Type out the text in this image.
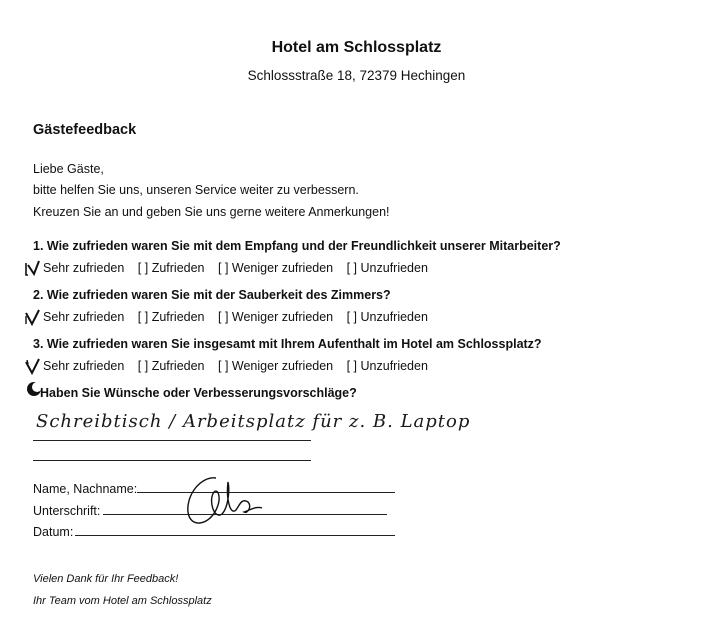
Hotel am Schlossplatz
Schlossstraße 18, 72379 Hechingen
Gästefeedback
Liebe Gäste,
bitte helfen Sie uns, unseren Service weiter zu verbessern.
Kreuzen Sie an und geben Sie uns gerne weitere Anmerkungen!
1. Wie zufrieden waren Sie mit dem Empfang und der Freundlichkeit unserer Mitarbeiter?
Sehr zufrieden [ ] Zufrieden [ ] Weniger zufrieden [ ] Unzufrieden
2. Wie zufrieden waren Sie mit der Sauberkeit des Zimmers?
Sehr zufrieden [ ] Zufrieden [ ] Weniger zufrieden [ ] Unzufrieden
3. Wie zufrieden waren Sie insgesamt mit Ihrem Aufenthalt im Hotel am Schlossplatz?
Sehr zufrieden [ ] Zufrieden [ ] Weniger zufrieden [ ] Unzufrieden
Haben Sie Wünsche oder Verbesserungsvorschläge?
Schreibtisch / Arbeitsplatz für z. B. Laptop
Name, Nachname:
Unterschrift:
Datum:
Vielen Dank für Ihr Feedback!
Ihr Team vom Hotel am Schlossplatz
